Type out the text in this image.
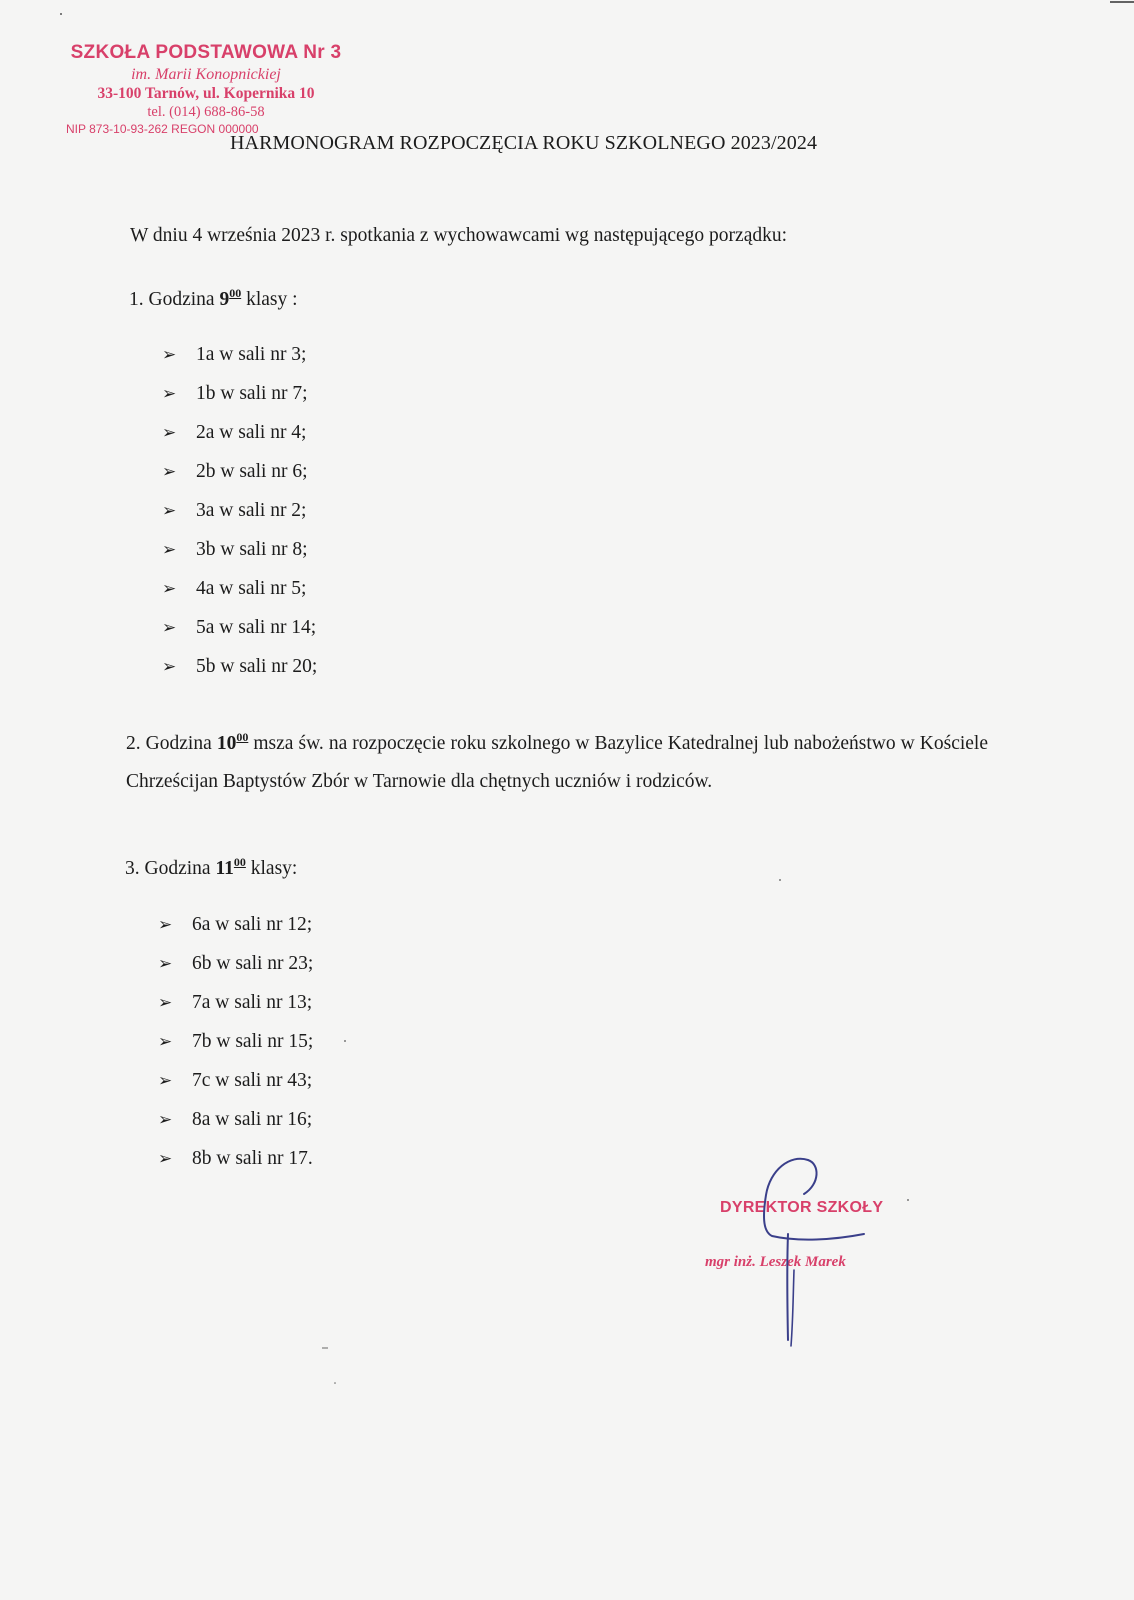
SZKOŁA PODSTAWOWA Nr 3
im. Marii Konopnickiej
33-100 Tarnów, ul. Kopernika 10
tel. (014) 688-86-58
NIP 873-10-93-262 REGON 000000
HARMONOGRAM ROZPOCZĘCIA ROKU SZKOLNEGO 2023/2024
W dniu 4 września 2023 r. spotkania z wychowawcami wg następującego porządku:
1. Godzina $9^{00}$ klasy :
➢ 1a w sali nr 3;
➢ 1b w sali nr 7;
➢ 2a w sali nr 4;
➢ 2b w sali nr 6;
➢ 3a w sali nr 2;
➢ 3b w sali nr 8;
➢ 4a w sali nr 5;
➢ 5a w sali nr 14;
➢ 5b w sali nr 20;
2. Godzina $10^{00}$ msza św. na rozpoczęcie roku szkolnego w Bazylice Katedralnej lub nabożeństwo w Kościele Chrześcijan Baptystów Zbór w Tarnowie dla chętnych uczniów i rodziców.
3. Godzina $11^{00}$ klasy:
➢ 6a w sali nr 12;
➢ 6b w sali nr 23;
➢ 7a w sali nr 13;
➢ 7b w sali nr 15;
➢ 7c w sali nr 43;
➢ 8a w sali nr 16;
➢ 8b w sali nr 17.
DYREKTOR SZKOŁY
mgr inż. Leszek Marek
